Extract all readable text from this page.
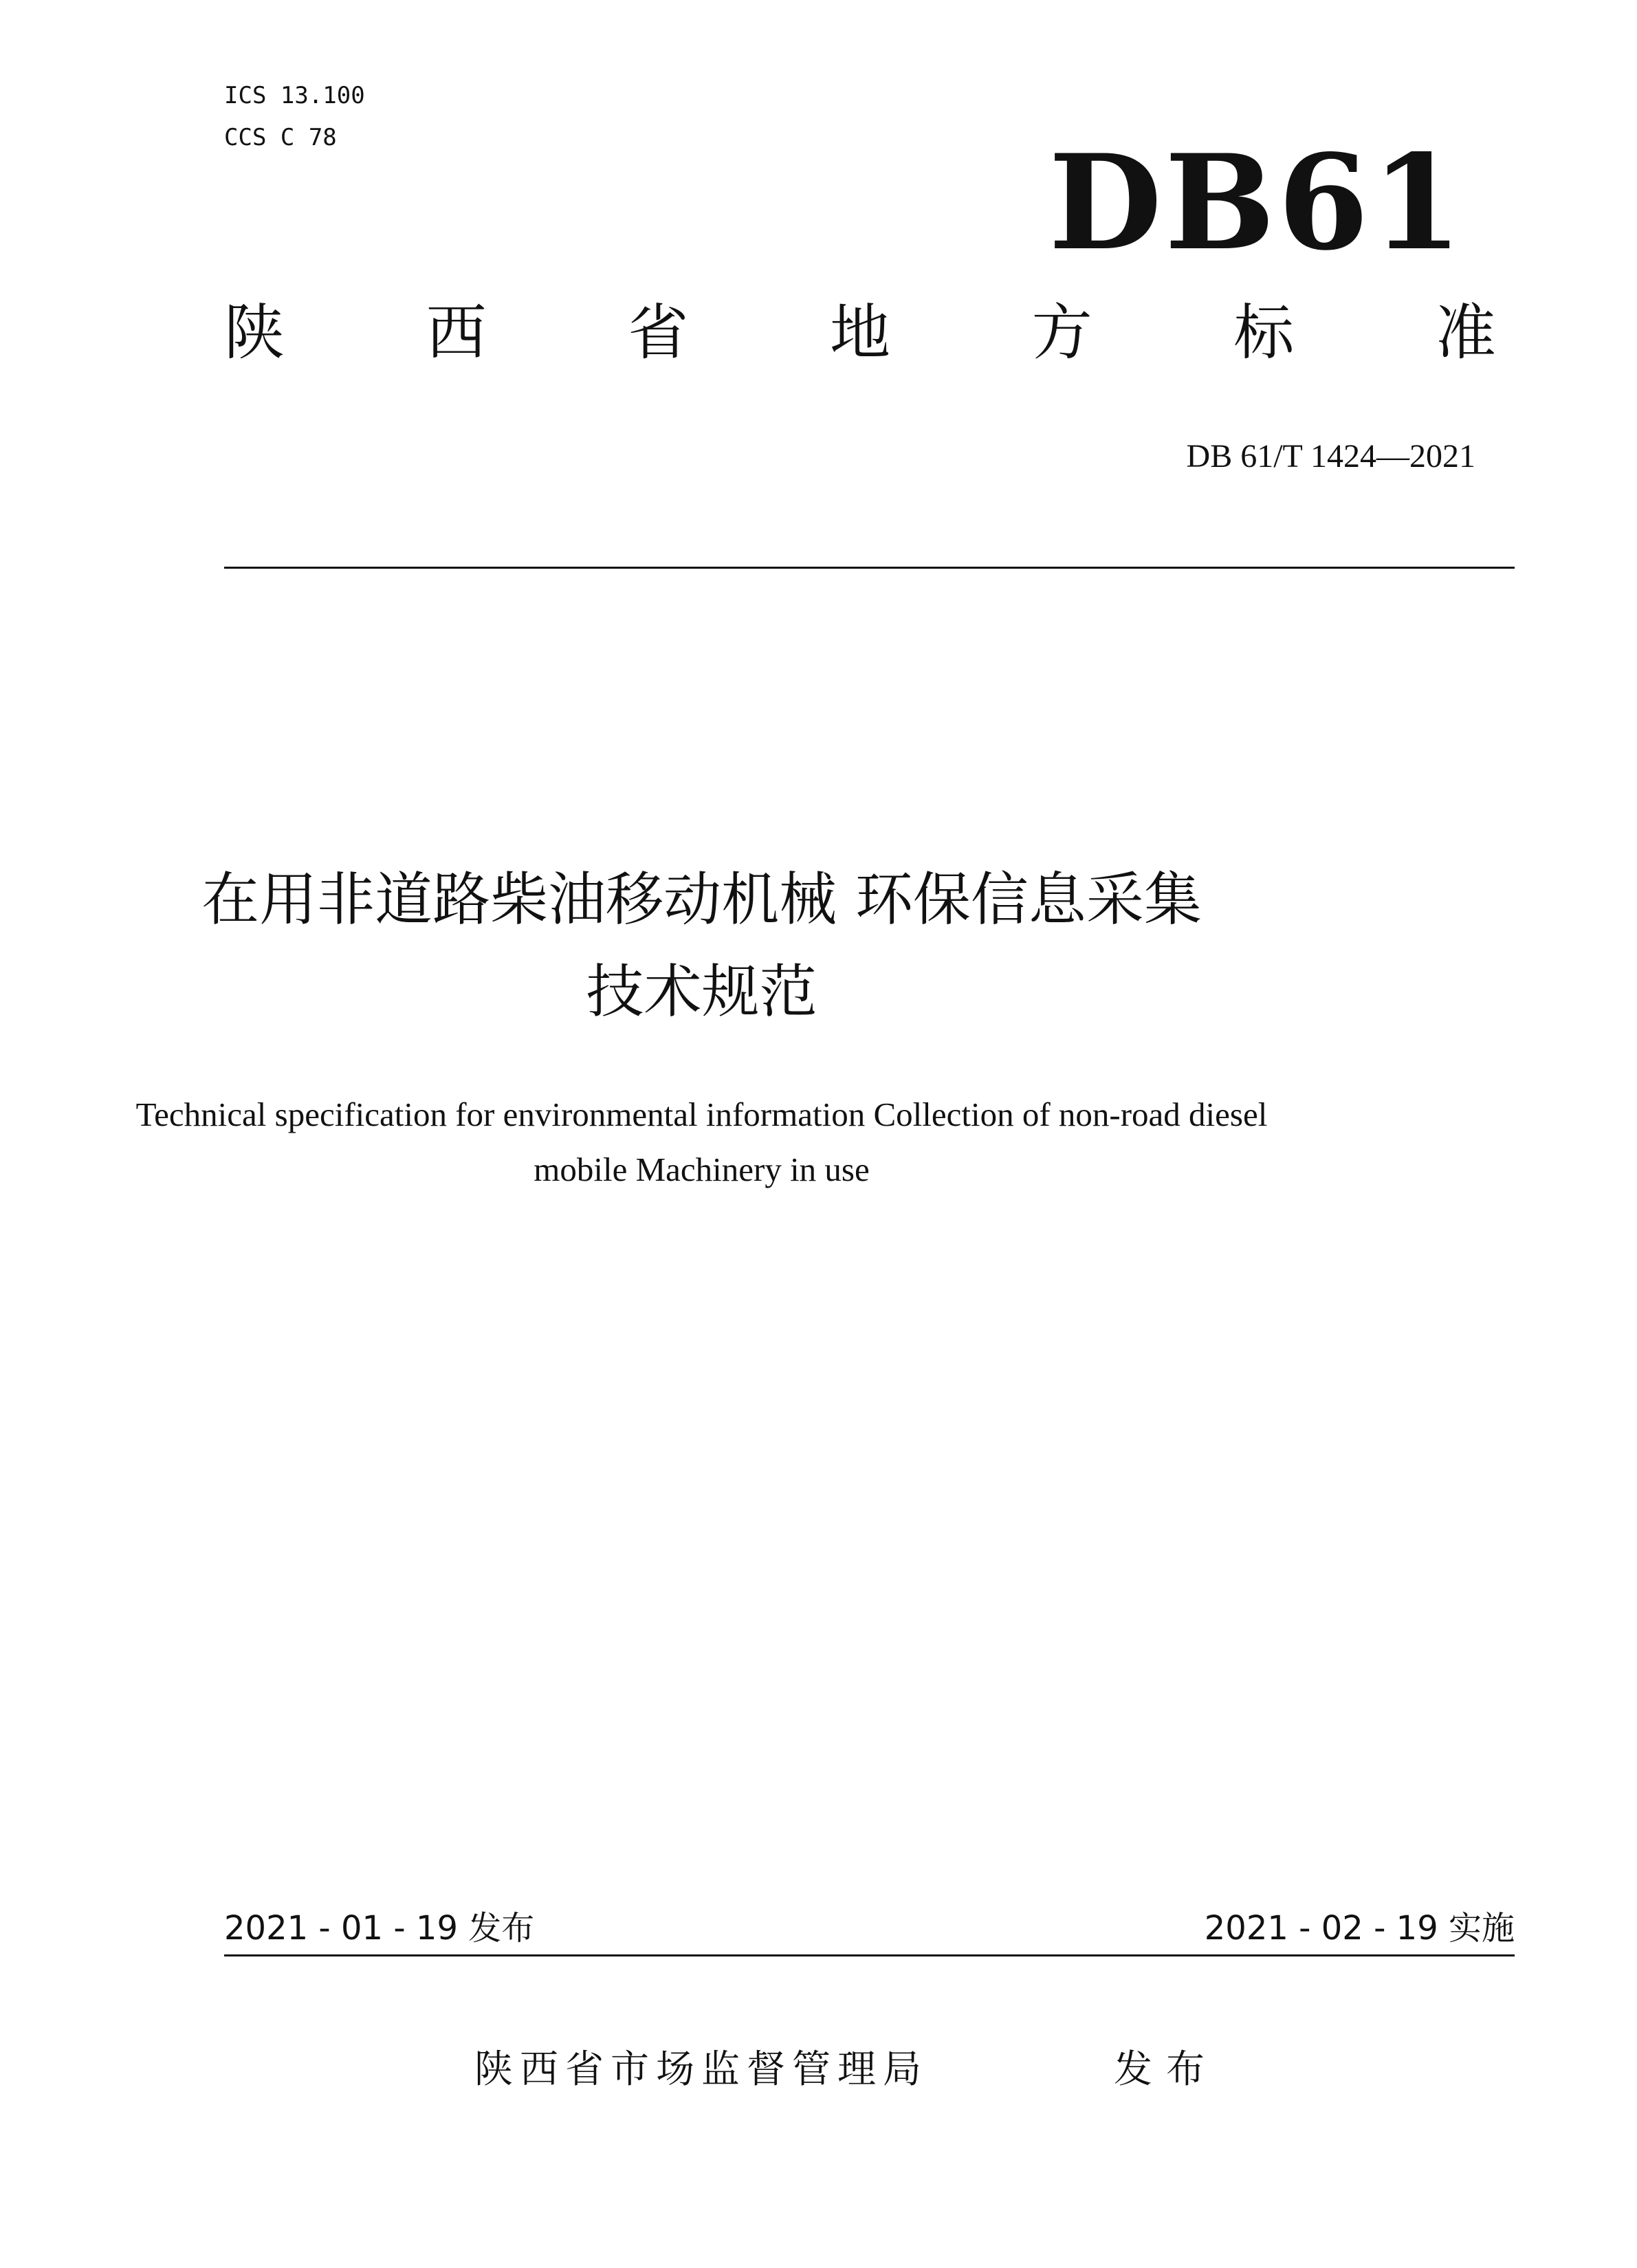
ICS 13.100
CCS C 78	DB61
陕 西 省 地 方 标 准
DB 61/T 1424—2021
在用非道路柴油移动机械 环保信息采集
技术规范
Technical specification for environmental information Collection of non-road diesel
mobile Machinery in use
2021 - 01 - 19 发布	2021 - 02 - 19 实施
陕西省市场监督管理局	发布
